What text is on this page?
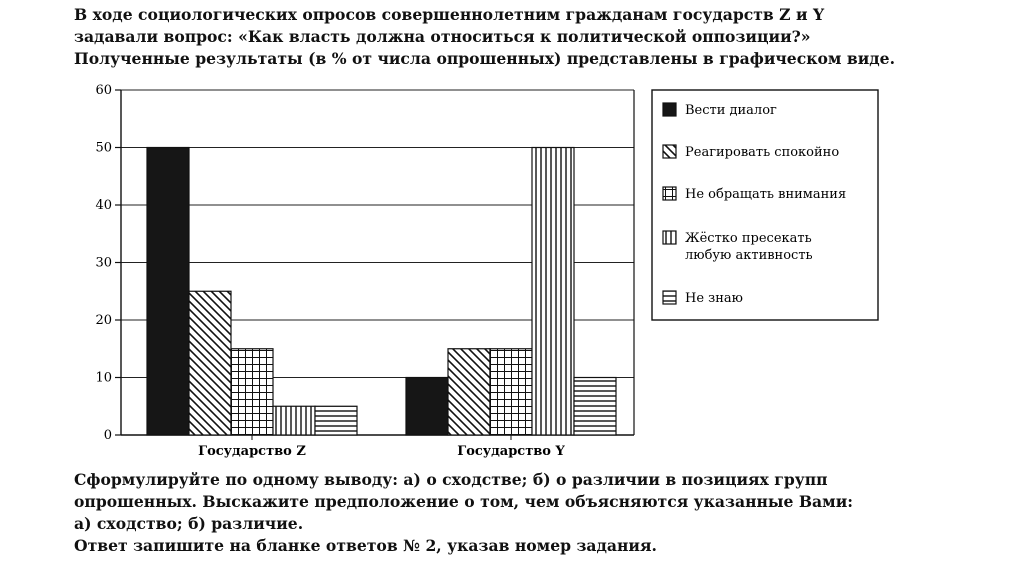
В ходе социологических опросов совершеннолетним гражданам государств Z и Y

задавали вопрос: «Как власть должна относиться к политической оппозиции?»

Полученные результаты (в % от числа опрошенных) представлены в графическом виде.

0
10
20
30
40
50
60
Государство Z	Государство Y
Вести диалог
Реагировать спокойно
Не обращать внимания
Жёстко пресекать
любую активность
Не знаю

Сформулируйте по одному выводу: а) о сходстве; б) о различии в позициях групп

опрошенных. Выскажите предположение о том, чем объясняются указанные Вами:

а) сходство; б) различие.

Ответ запишите на бланке ответов № 2, указав номер задания.
